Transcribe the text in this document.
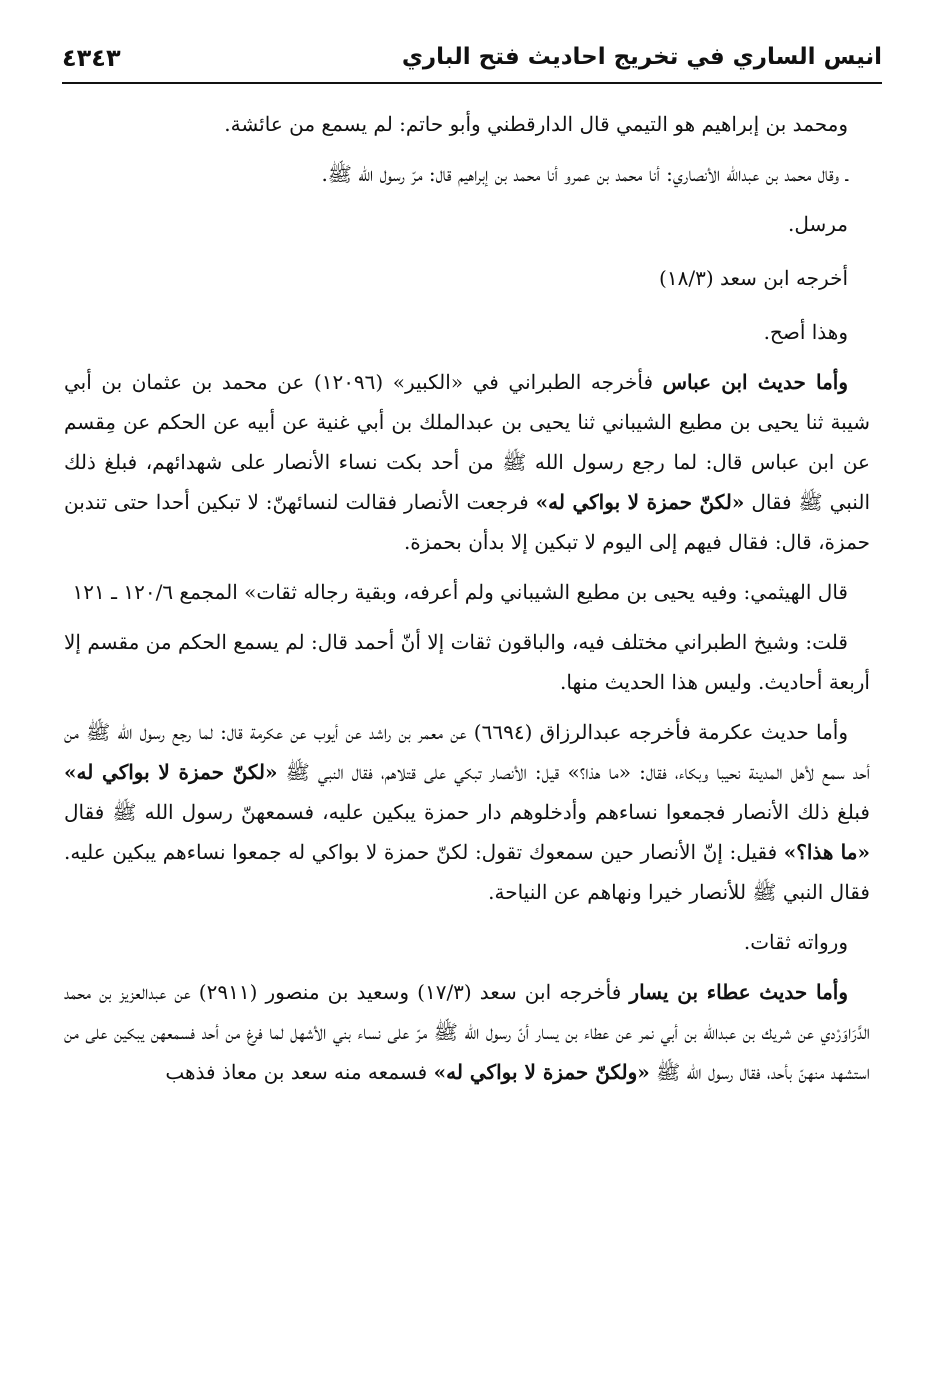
انيس الساري في تخريج احاديث فتح الباري
٤٣٤٣

ومحمد بن إبراهيم هو التيمي قال الدارقطني وأبو حاتم: لم يسمع من عائشة.

ـ وقال محمد بن عبدالله الأنصاري: أنا محمد بن عمرو أنا محمد بن إبراهيم قال: مرّ رسول الله ﷺ.

مرسل.

أخرجه ابن سعد (١٨/٣)

وهذا أصح.

وأما حديث ابن عباس فأخرجه الطبراني في «الكبير» (١٢٠٩٦) عن محمد بن عثمان بن أبي شيبة ثنا يحيى بن مطيع الشيباني ثنا يحيى بن عبدالملك بن أبي غنية عن أبيه عن الحكم عن مِقسم عن ابن عباس قال: لما رجع رسول الله ﷺ من أحد بكت نساء الأنصار على شهدائهم، فبلغ ذلك النبي ﷺ فقال «لكنّ حمزة لا بواكي له» فرجعت الأنصار فقالت لنسائهنّ: لا تبكين أحدا حتى تندبن حمزة، قال: فقال فيهم إلى اليوم لا تبكين إلا بدأن بحمزة.

قال الهيثمي: وفيه يحيى بن مطيع الشيباني ولم أعرفه، وبقية رجاله ثقات» المجمع ١٢٠/٦ ـ ١٢١

قلت: وشيخ الطبراني مختلف فيه، والباقون ثقات إلا أنّ أحمد قال: لم يسمع الحكم من مقسم إلا أربعة أحاديث. وليس هذا الحديث منها.

وأما حديث عكرمة فأخرجه عبدالرزاق (٦٦٩٤) عن معمر بن راشد عن أيوب عن عكرمة قال: لما رجع رسول الله ﷺ من أحد سمع لأهل المدينة نحيبا وبكاء، فقال: «ما هذا؟» قيل: الأنصار تبكي على قتلاهم، فقال النبي ﷺ «لكنّ حمزة لا بواكي له» فبلغ ذلك الأنصار فجمعوا نساءهم وأدخلوهم دار حمزة يبكين عليه، فسمعهنّ رسول الله ﷺ فقال «ما هذا؟» فقيل: إنّ الأنصار حين سمعوك تقول: لكنّ حمزة لا بواكي له جمعوا نساءهم يبكين عليه. فقال النبي ﷺ للأنصار خيرا ونهاهم عن النياحة.

ورواته ثقات.

وأما حديث عطاء بن يسار فأخرجه ابن سعد (١٧/٣) وسعيد بن منصور (٢٩١١) عن عبدالعزيز بن محمد الدَّرَاوَرْدي عن شريك بن عبدالله بن أبي نمر عن عطاء بن يسار أنّ رسول الله ﷺ مرّ على نساء بني الأشهل لما فرغ من أحد فسمعهن يبكين على من استشهد منهنّ بأحد، فقال رسول الله ﷺ «ولكنّ حمزة لا بواكي له» فسمعه منه سعد بن معاذ فذهب
